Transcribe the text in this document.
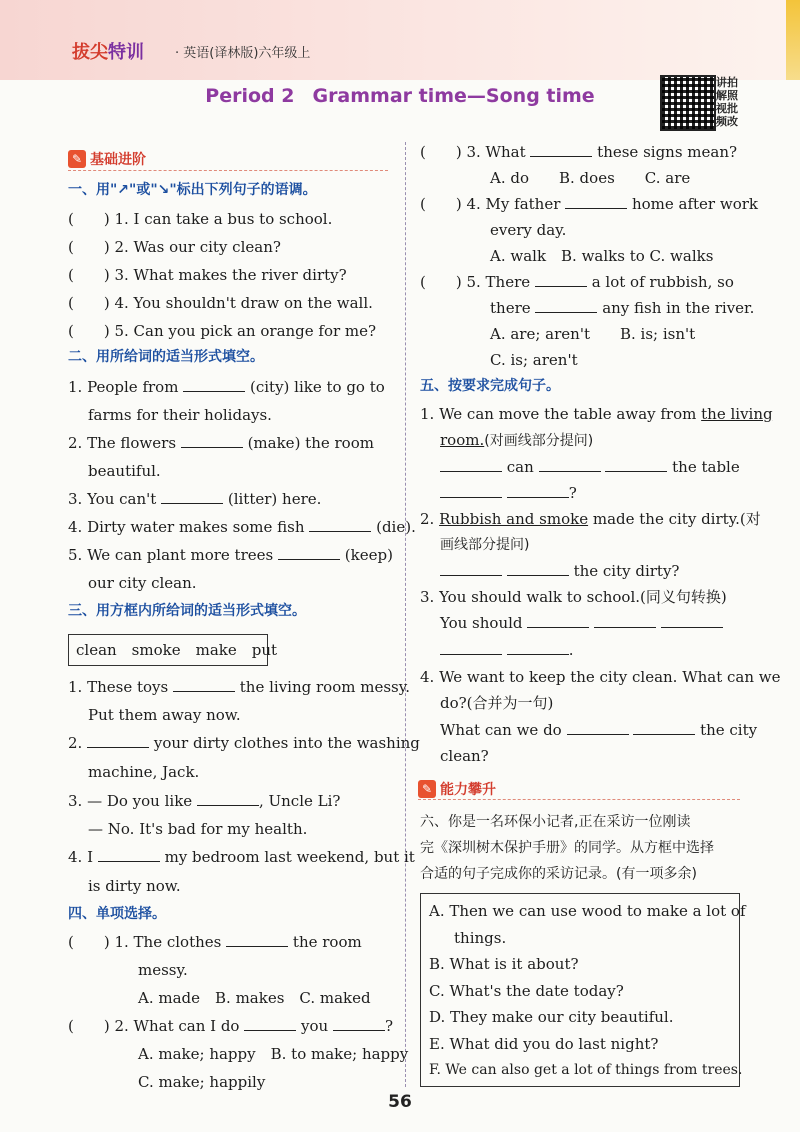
拔尖特训 · 英语(译林版)六年级上
Period 2 Grammar time—Song time
讲拍解照视批频改
✎ 基础进阶
一、用"↗"或"↘"标出下列句子的语调。
(　　) 1. I can take a bus to school.
(　　) 2. Was our city clean?
(　　) 3. What makes the river dirty?
(　　) 4. You shouldn't draw on the wall.
(　　) 5. Can you pick an orange for me?
二、用所给词的适当形式填空。
1. People from	(city) like to go to
farms for their holidays.
2. The flowers	(make) the room
beautiful.
3. You can't	(litter) here.
4. Dirty water makes some fish	(die).
5. We can plant more trees	(keep)
our city clean.
三、用方框内所给词的适当形式填空。
clean　smoke　make　put
1. These toys	the living room messy.
Put them away now.
2.	your dirty clothes into the washing
machine, Jack.
3. — Do you like	, Uncle Li?
— No. It's bad for my health.
4. I	my bedroom last weekend, but it
is dirty now.
四、单项选择。
(　　) 1. The clothes	the room
messy.
A. made　B. makes　C. maked
(　　) 2. What can I do	you	?
A. make; happy　B. to make; happy
C. make; happily
(　　) 3. What	these signs mean?
A. do　　B. does　　C. are
(　　) 4. My father	home after work
every day.
A. walk　B. walks to C. walks
(　　) 5. There	a lot of rubbish, so
there	any fish in the river.
A. are; aren't　　B. is; isn't
C. is; aren't
五、按要求完成句子。
1. We can move the table away from the living
room.(对画线部分提问)
can	the table
?
2. Rubbish and smoke made the city dirty.(对
画线部分提问)
the city dirty?
3. You should walk to school.(同义句转换)
You should
.
4. We want to keep the city clean. What can we
do?(合并为一句)
What can we do	the city
clean?
✎ 能力攀升
六、你是一名环保小记者,正在采访一位刚读
完《深圳树木保护手册》的同学。从方框中选择
合适的句子完成你的采访记录。(有一项多余)
A. Then we can use wood to make a lot of
things.
B. What is it about?
C. What's the date today?
D. They make our city beautiful.
E. What did you do last night?
F. We can also get a lot of things from trees.
56
